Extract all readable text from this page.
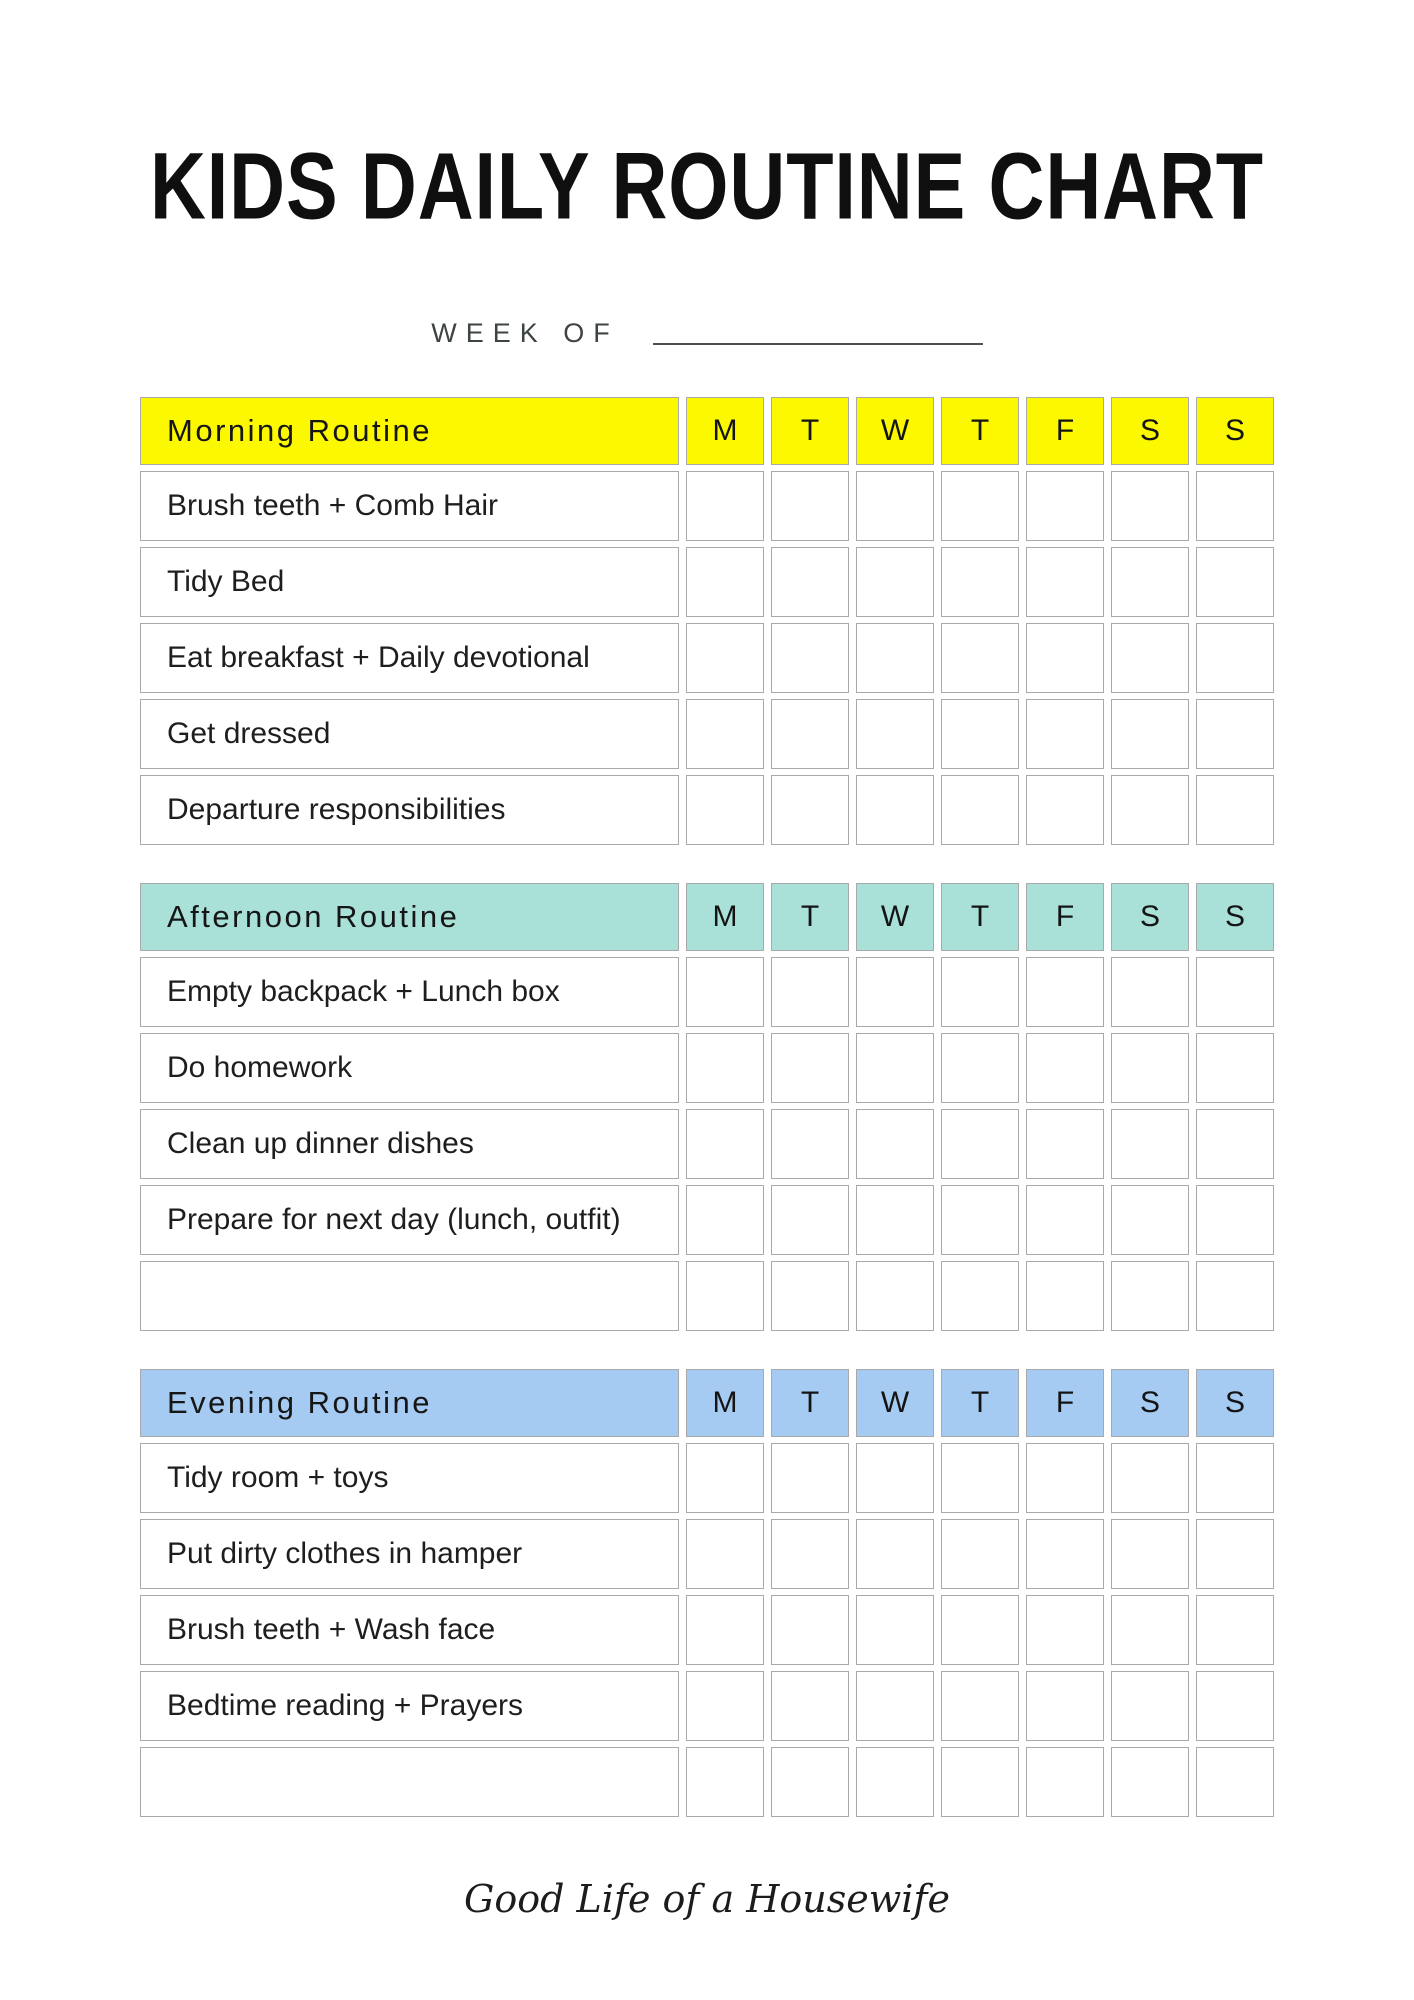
KIDS DAILY ROUTINE CHART
WEEK OF
Morning Routine	M	T	W	T	F	S	S
Brush teeth + Comb Hair
Tidy Bed
Eat breakfast + Daily devotional
Get dressed
Departure responsibilities
Afternoon Routine	M	T	W	T	F	S	S
Empty backpack + Lunch box
Do homework
Clean up dinner dishes
Prepare for next day (lunch, outfit)
Evening Routine	M	T	W	T	F	S	S
Tidy room + toys
Put dirty clothes in hamper
Brush teeth + Wash face
Bedtime reading + Prayers
Good Life of a Housewife
